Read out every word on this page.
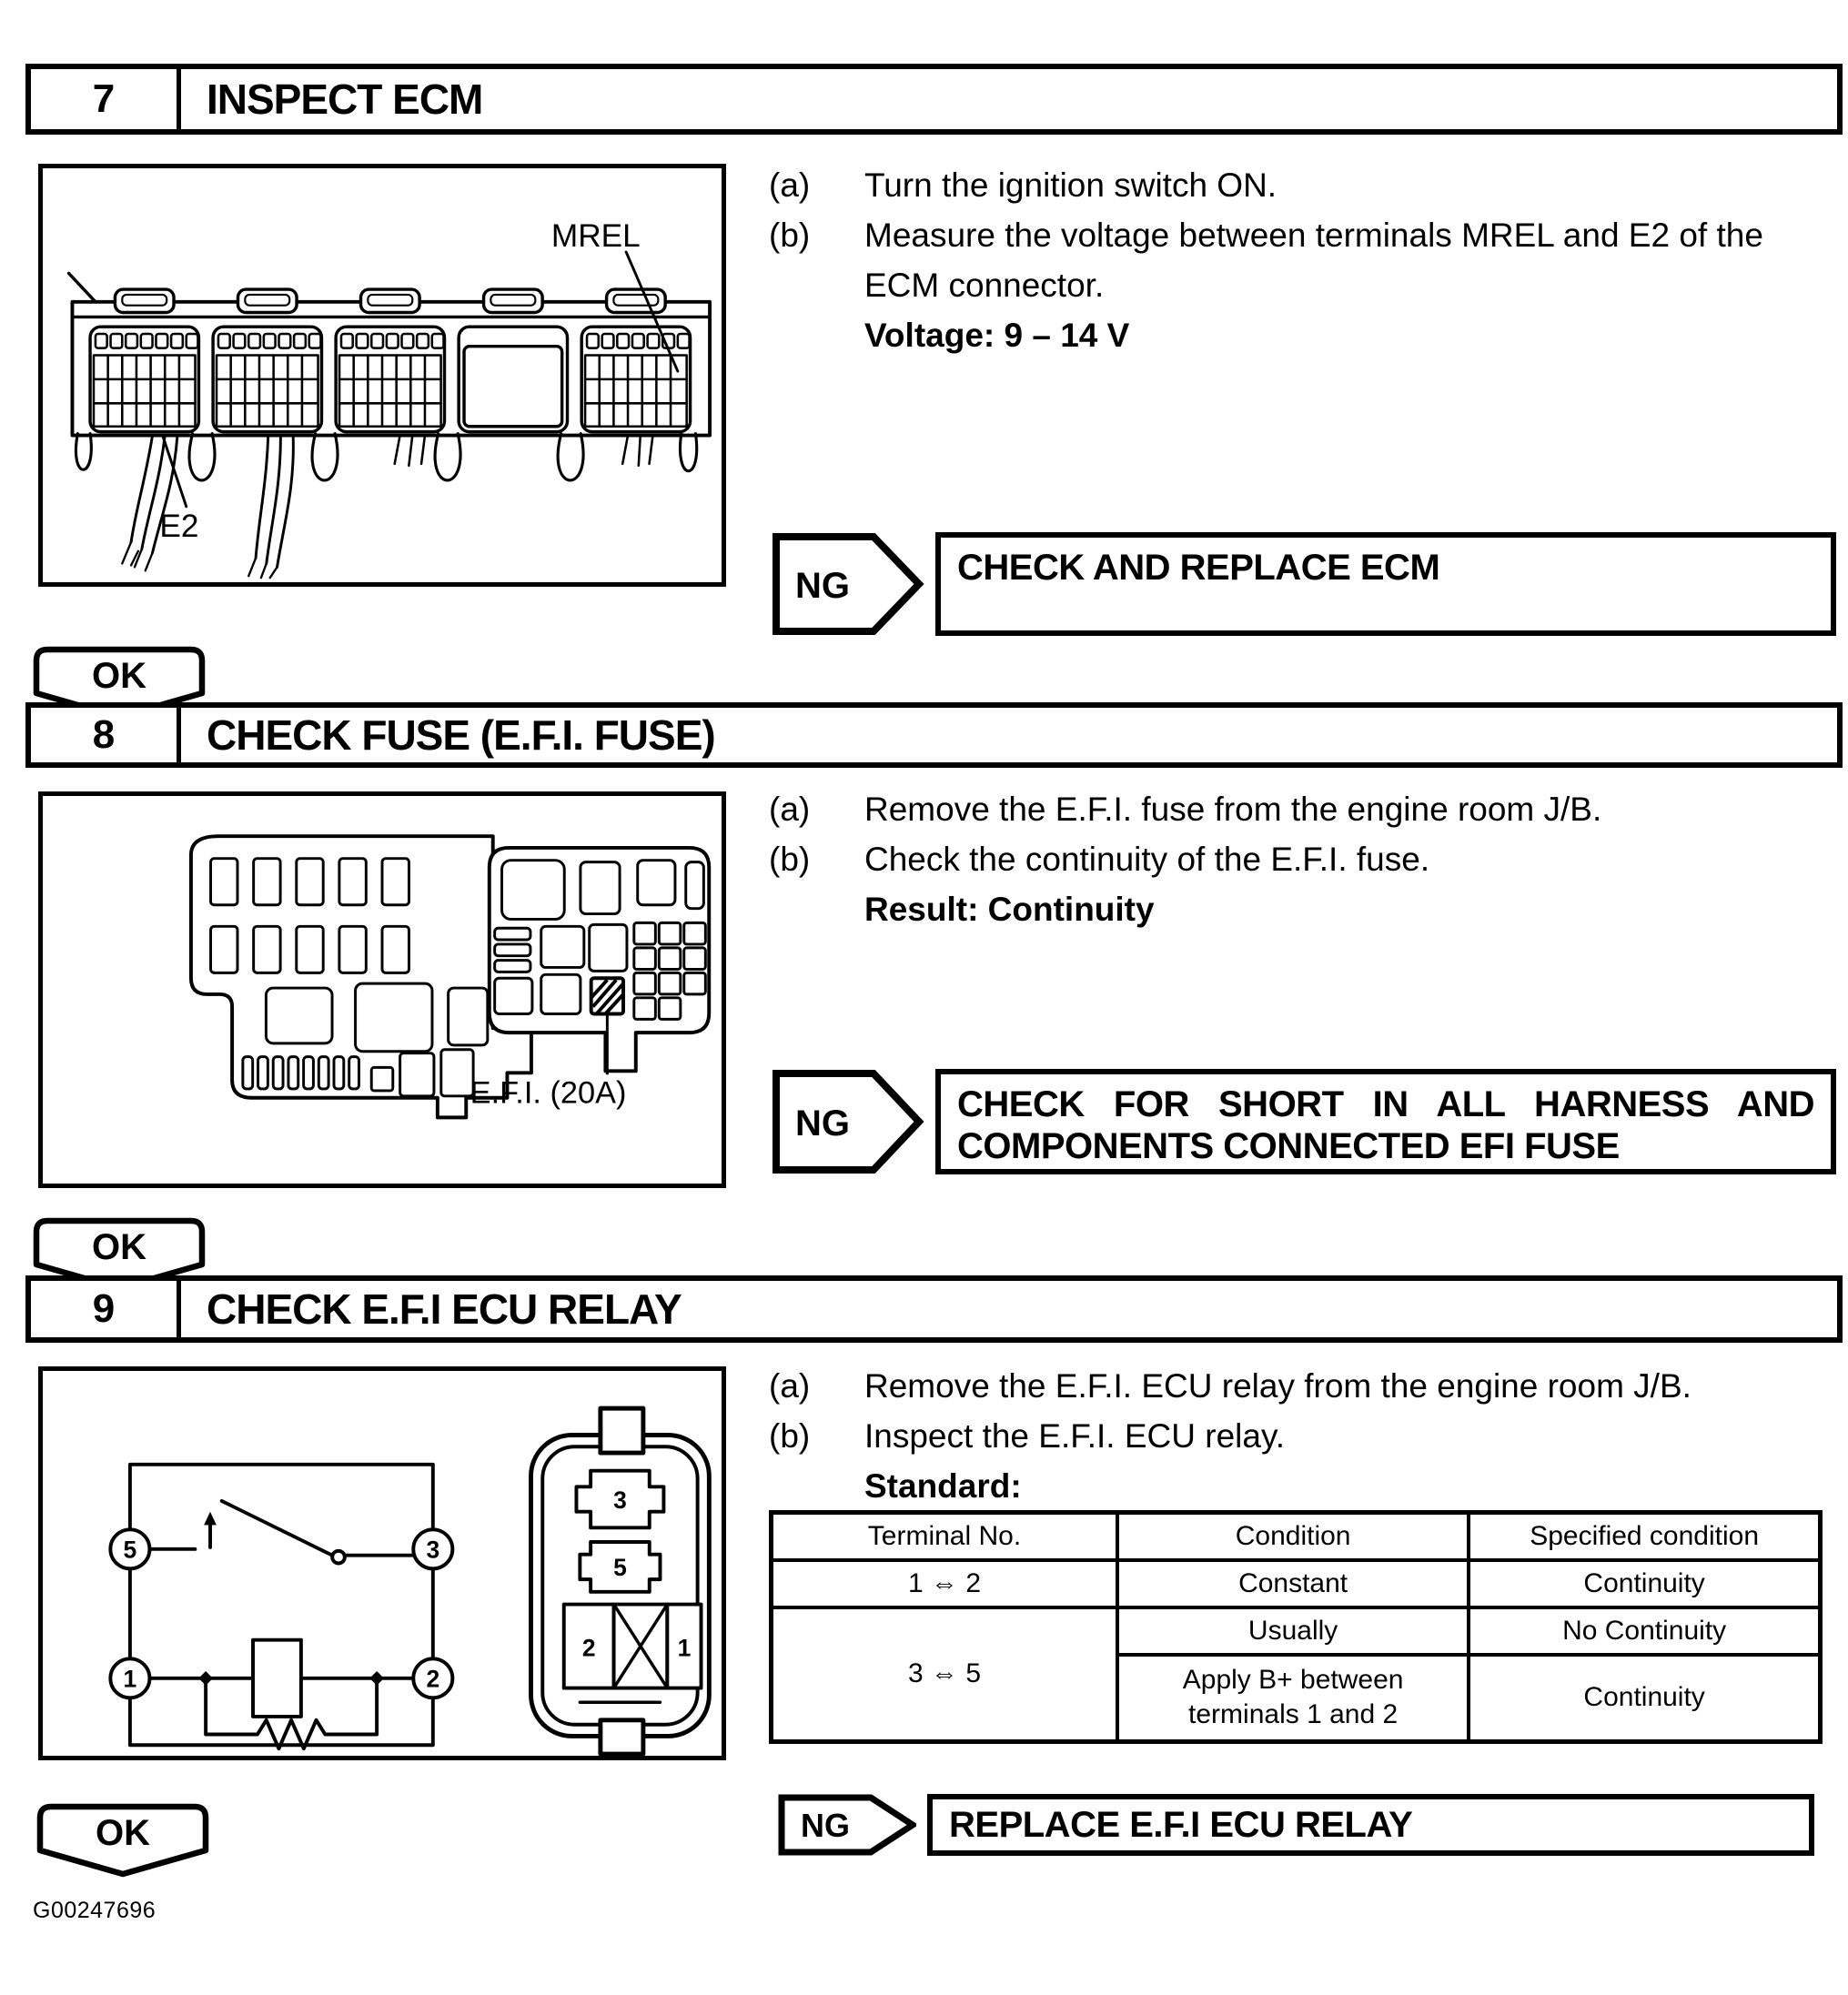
7	INSPECT ECM
MREL
E2
(a)	Turn the ignition switch ON.
(b)	Measure the voltage between terminals MREL and E2 of the ECM connector.
Voltage: 9 – 14 V
NG	CHECK AND REPLACE ECM
OK
8	CHECK FUSE (E.F.I. FUSE)
E.F.I. (20A)
(a)	Remove the E.F.I. fuse from the engine room J/B.
(b)	Check the continuity of the E.F.I. fuse.
Result: Continuity
NG	CHECK FOR SHORT IN ALL HARNESS AND COMPONENTS CONNECTED EFI FUSE
OK
9	CHECK E.F.I ECU RELAY
5	3
1	2
3
5
2	1
(a)	Remove the E.F.I. ECU relay from the engine room J/B.
(b)	Inspect the E.F.I. ECU relay.
Standard:
Terminal No.	Condition	Specified condition
1 ⇔ 2	Constant	Continuity
3 ⇔ 5	Usually	No Continuity
	Apply B+ between terminals 1 and 2	Continuity
NG	REPLACE E.F.I ECU RELAY
OK
G00247696
